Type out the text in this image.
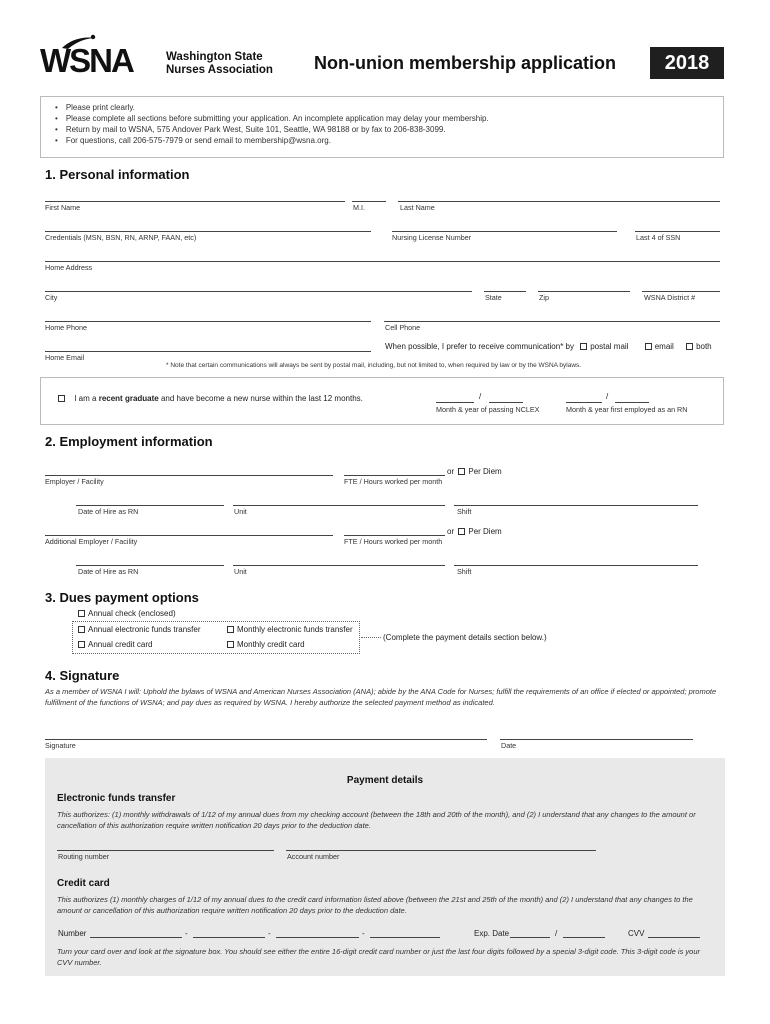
WSNA	Washington State
Nurses Association Non-union membership application 2018
• Please print clearly.
• Please complete all sections before submitting your application. An incomplete application may delay your membership.
• Return by mail to WSNA, 575 Andover Park West, Suite 101, Seattle, WA 98188 or by fax to 206-838-3099.
• For questions, call 206-575-7979 or send email to membership@wsna.org.
1. Personal information
First Name	M.I.	Last Name
Credentials (MSN, BSN, RN, ARNP, FAAN, etc)	Nursing License Number	Last 4 of SSN
Home Address
City	State	Zip	WSNA District #
Home Phone	Cell Phone
Home Email
When possible, I prefer to receive communication* by postal mail	email	both
* Note that certain communications will always be sent by postal mail, including, but not limited to, when required by law or by the WSNA bylaws.
I am a recent graduate and have become a new nurse within the last 12 months.	/
Month & year of passing NCLEX
/
Month & year first employed as an RN
2. Employment information
or Per Diem
Employer / Facility	FTE / Hours worked per month
Date of Hire as RN	Unit	Shift
or Per Diem
Additional Employer / Facility	FTE / Hours worked per month
Date of Hire as RN	Unit	Shift
3. Dues payment options
Annual check (enclosed)
Annual electronic funds transfer	Monthly electronic funds transfer
Annual credit card	Monthly credit card
(Complete the payment details section below.)
4. Signature
As a member of WSNA I will: Uphold the bylaws of WSNA and American Nurses Association (ANA); abide by the ANA Code for Nurses; fulfill the requirements of an office if elected or appointed; promote fulfillment of the functions of WSNA; and pay dues as required by WSNA. I hereby authorize the selected payment method as indicated.
Signature	Date
Payment details
Electronic funds transfer
This authorizes: (1) monthly withdrawals of 1/12 of my annual dues from my checking account (between the 18th and 20th of the month), and (2) I understand that any changes to the amount or cancellation of this authorization require written notification 20 days prior to the deduction date.
Routing number	Account number
Credit card
This authorizes (1) monthly charges of 1/12 of my annual dues to the credit card information listed above (between the 21st and 25th of the month) and (2) I understand that any changes to the amount or cancellation of this authorization require written notification 20 days prior to the deduction date.
Number	-	-	-	Exp. Date	/	CVV
Turn your card over and look at the signature box. You should see either the entire 16-digit credit card number or just the last four digits followed by a special 3-digit code. This 3-digit code is your CVV number.
